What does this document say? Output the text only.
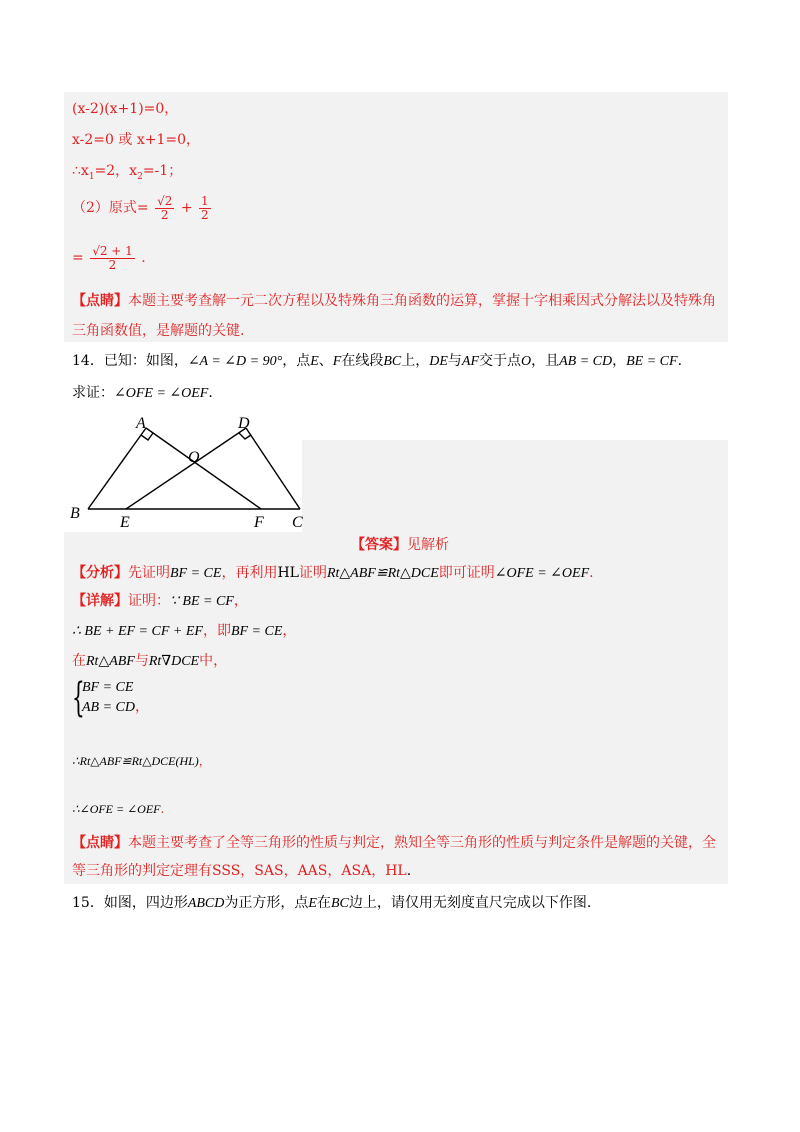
(x-2)(x+1)=0，
x-2=0 或 x+1=0，
$\therefore x_1=2$，$x_2=-1$；
（2）原式= $\frac{√2}{2} + \frac{1}{2}$
= $\frac{√2 + 1}{2}$ .
【点睛】本题主要考查解一元二次方程以及特殊角三角函数的运算，掌握十字相乘因式分解法以及特殊角
三角函数值，是解题的关键.
14．已知：如图，∠A = ∠D = 90°，点E、F在线段BC上，DE与AF交于点O，且AB = CD，BE = CF.
求证：∠OFE = ∠OEF.
A	D
O
B
E	F C
【答案】见解析
【分析】先证明BF = CE，再利用HL证明Rt△ABF≌Rt△DCE即可证明∠OFE = ∠OEF.
【详解】证明：∵ BE = CF，
∴ BE + EF = CF + EF，即BF = CE，
在Rt△ABF与Rt∇DCE中，
{
BF = CE
AB = CD，
∴Rt△ABF≌Rt△DCE(HL)，
∴∠OFE = ∠OEF.
【点睛】本题主要考查了全等三角形的性质与判定，熟知全等三角形的性质与判定条件是解题的关键，全
等三角形的判定定理有SSS，SAS，AAS，ASA，HL.
15．如图，四边形ABCD为正方形，点E在BC边上，请仅用无刻度直尺完成以下作图.
